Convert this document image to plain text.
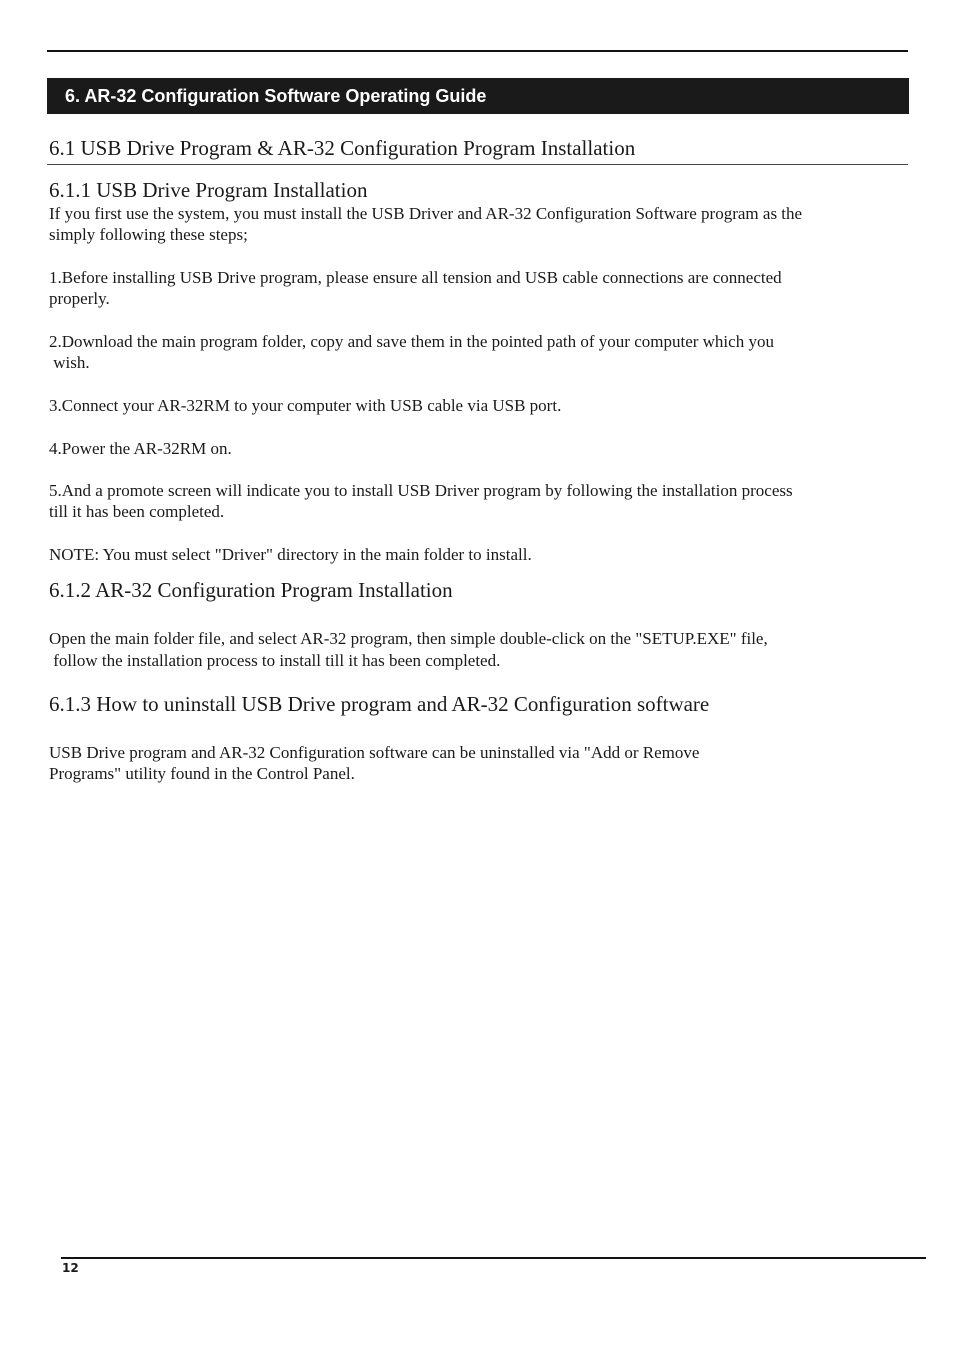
6. AR-32 Configuration Software Operating Guide
6.1 USB Drive Program & AR-32 Configuration Program Installation
6.1.1 USB Drive Program Installation
If you first use the system, you must install the USB Driver and AR-32 Configuration Software program as the
simply following these steps;
1.Before installing USB Drive program, please ensure all tension and USB cable connections are connected
properly.
2.Download the main program folder, copy and save them in the pointed path of your computer which you
wish.
3.Connect your AR-32RM to your computer with USB cable via USB port.
4.Power the AR-32RM on.
5.And a promote screen will indicate you to install USB Driver program by following the installation process
till it has been completed.
NOTE: You must select "Driver" directory in the main folder to install.
6.1.2 AR-32 Configuration Program Installation
Open the main folder file, and select AR-32 program, then simple double-click on the "SETUP.EXE" file,
follow the installation process to install till it has been completed.
6.1.3 How to uninstall USB Drive program and AR-32 Configuration software
USB Drive program and AR-32 Configuration software can be uninstalled via "Add or Remove
Programs" utility found in the Control Panel.
12
